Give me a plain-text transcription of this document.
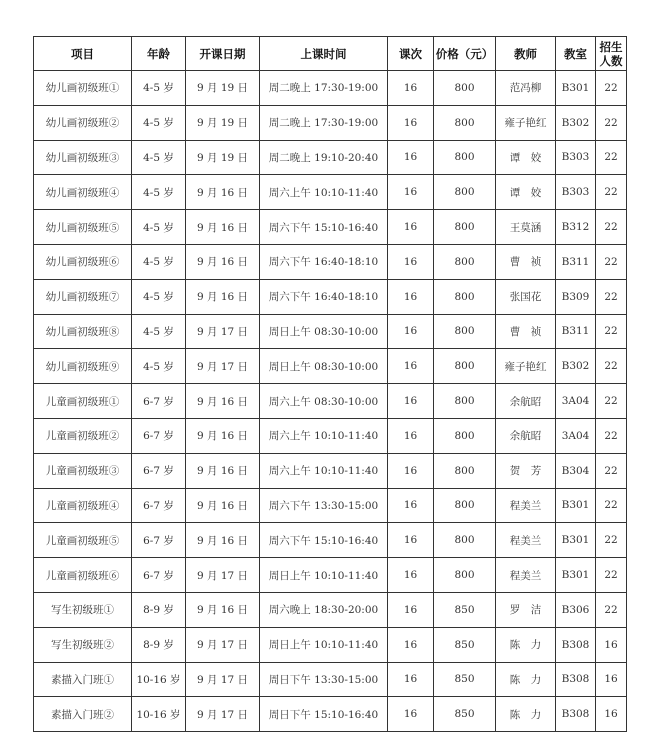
项目	年龄	开课日期	上课时间	课次	价格（元）	教师	教室	招生人数
幼儿画初级班①	4-5 岁	9 月 19 日	周二晚上 17:30-19:00	16	800	范冯柳	B301	22
幼儿画初级班②	4-5 岁	9 月 19 日	周二晚上 17:30-19:00	16	800	雍子艳红	B302	22
幼儿画初级班③	4-5 岁	9 月 19 日	周二晚上 19:10-20:40	16	800	谭　姣	B303	22
幼儿画初级班④	4-5 岁	9 月 16 日	周六上午 10:10-11:40	16	800	谭　姣	B303	22
幼儿画初级班⑤	4-5 岁	9 月 16 日	周六下午 15:10-16:40	16	800	王莫涵	B312	22
幼儿画初级班⑥	4-5 岁	9 月 16 日	周六下午 16:40-18:10	16	800	曹　祯	B311	22
幼儿画初级班⑦	4-5 岁	9 月 16 日	周六下午 16:40-18:10	16	800	张国花	B309	22
幼儿画初级班⑧	4-5 岁	9 月 17 日	周日上午 08:30-10:00	16	800	曹　祯	B311	22
幼儿画初级班⑨	4-5 岁	9 月 17 日	周日上午 08:30-10:00	16	800	雍子艳红	B302	22
儿童画初级班①	6-7 岁	9 月 16 日	周六上午 08:30-10:00	16	800	余航昭	3A04	22
儿童画初级班②	6-7 岁	9 月 16 日	周六上午 10:10-11:40	16	800	余航昭	3A04	22
儿童画初级班③	6-7 岁	9 月 16 日	周六上午 10:10-11:40	16	800	贺　芳	B304	22
儿童画初级班④	6-7 岁	9 月 16 日	周六下午 13:30-15:00	16	800	程美兰	B301	22
儿童画初级班⑤	6-7 岁	9 月 16 日	周六下午 15:10-16:40	16	800	程美兰	B301	22
儿童画初级班⑥	6-7 岁	9 月 17 日	周日上午 10:10-11:40	16	800	程美兰	B301	22
写生初级班①	8-9 岁	9 月 16 日	周六晚上 18:30-20:00	16	850	罗　洁	B306	22
写生初级班②	8-9 岁	9 月 17 日	周日上午 10:10-11:40	16	850	陈　力	B308	16
素描入门班①	10-16 岁	9 月 17 日	周日下午 13:30-15:00	16	850	陈　力	B308	16
素描入门班②	10-16 岁	9 月 17 日	周日下午 15:10-16:40	16	850	陈　力	B308	16
